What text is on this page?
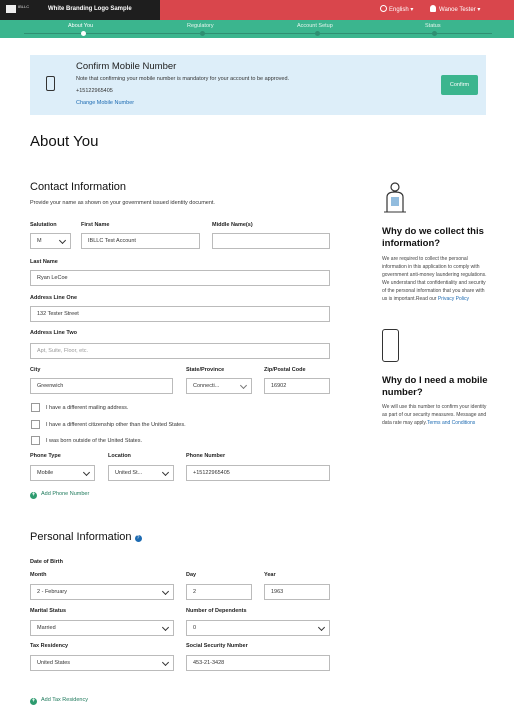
IBLLC	White Branding Logo Sample	English ▾	Wanoe Tester ▾
About You	Regulatory	Account Setup	Status
Confirm Mobile Number
Note that confirming your mobile number is mandatory for your account to be approved.
+15122965405
Change Mobile Number
Confirm
About You
Contact Information
Provide your name as shown on your government issued identity document.
Salutation
M
First Name
IBLLC Test Account
Middle Name(s)
Last Name
Ryan LeCoe
Address Line One
132 Tester Street
Address Line Two
Apt, Suite, Floor, etc.
City
Greenwich
State/Province
Connecti...
Zip/Postal Code
16902
I have a different mailing address.
I have a different citizenship other than the United States.
I was born outside of the United States.
Phone Type
Mobile
Location
United St...
Phone Number
+15122965405
+ Add Phone Number
Personal Information ?
Date of Birth
Month
2 - February
Day
2
Year
1963
Marital Status
Married
Number of Dependents
0
Tax Residency
United States
Social Security Number
453-21-3428
+ Add Tax Residency
Why do we collect this information?
We are required to collect the personal information in this application to comply with government anti-money laundering regulations. We understand that confidentiality and security of the personal information that you share with us is important.Read our Privacy Policy
Why do I need a mobile number?
We will use this number to confirm your identity as part of our security measures. Message and data rate may apply.Terms and Conditions
